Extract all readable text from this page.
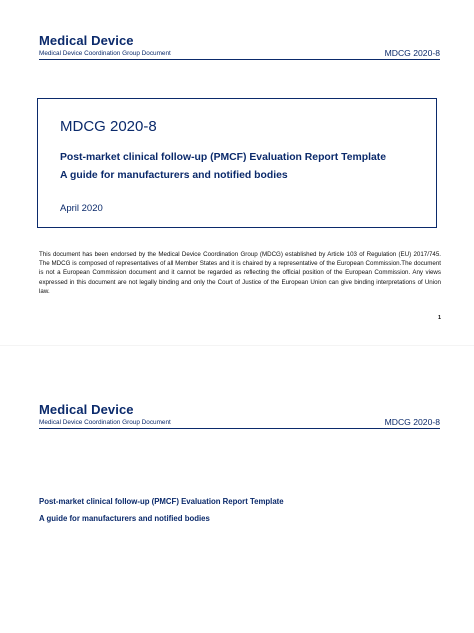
Medical Device
Medical Device Coordination Group Document	MDCG 2020-8
MDCG 2020-8
Post-market clinical follow-up (PMCF) Evaluation Report Template
A guide for manufacturers and notified bodies
April 2020
This document has been endorsed by the Medical Device Coordination Group (MDCG) established by Article 103 of Regulation (EU) 2017/745. The MDCG is composed of representatives of all Member States and it is chaired by a representative of the European Commission.The document is not a European Commission document and it cannot be regarded as reflecting the official position of the European Commission. Any views expressed in this document are not legally binding and only the Court of Justice of the European Union can give binding interpretations of Union law.
1
Medical Device
Medical Device Coordination Group Document	MDCG 2020-8
Post-market clinical follow-up (PMCF) Evaluation Report Template
A guide for manufacturers and notified bodies
